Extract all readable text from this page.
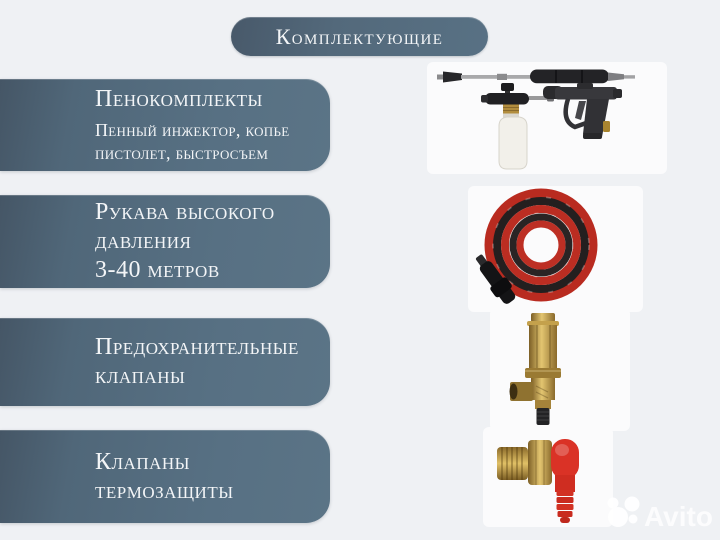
Комплектующие
Пенокомплекты
Пенный инжектор, копье
пистолет, быстросъем
Рукава высокого
давления
3-40 метров
Предохранительные
клапаны
Клапаны
термозащиты
Avito
